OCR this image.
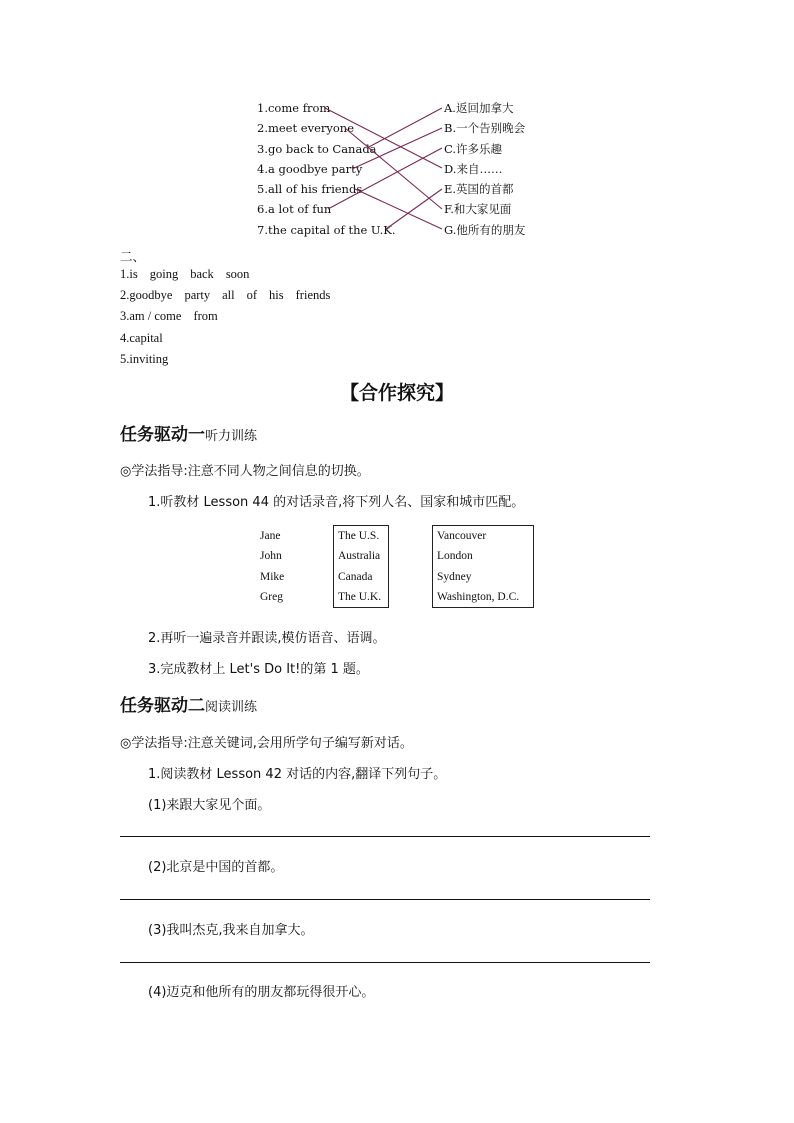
1.come from
2.meet everyone
3.go back to Canada
4.a goodbye party
5.all of his friends
6.a lot of fun
7.the capital of the U.K.
A.返回加拿大
B.一个告别晚会
C.许多乐趣
D.来自……
E.英国的首都
F.和大家见面
G.他所有的朋友
二、
1.is going back soon
2.goodbye party all of his friends
3.am / come from
4.capital
5.inviting
【合作探究】
任务驱动一听力训练
◎学法指导:注意不同人物之间信息的切换。
1.听教材 Lesson 44 的对话录音,将下列人名、国家和城市匹配。
Jane
John
Mike
Greg
The U.S.
Australia
Canada
The U.K.
Vancouver
London
Sydney
Washington, D.C.
2.再听一遍录音并跟读,模仿语音、语调。
3.完成教材上 Let's Do It!的第 1 题。
任务驱动二阅读训练
◎学法指导:注意关键词,会用所学句子编写新对话。
1.阅读教材 Lesson 42 对话的内容,翻译下列句子。
(1)来跟大家见个面。
(2)北京是中国的首都。
(3)我叫杰克,我来自加拿大。
(4)迈克和他所有的朋友都玩得很开心。
